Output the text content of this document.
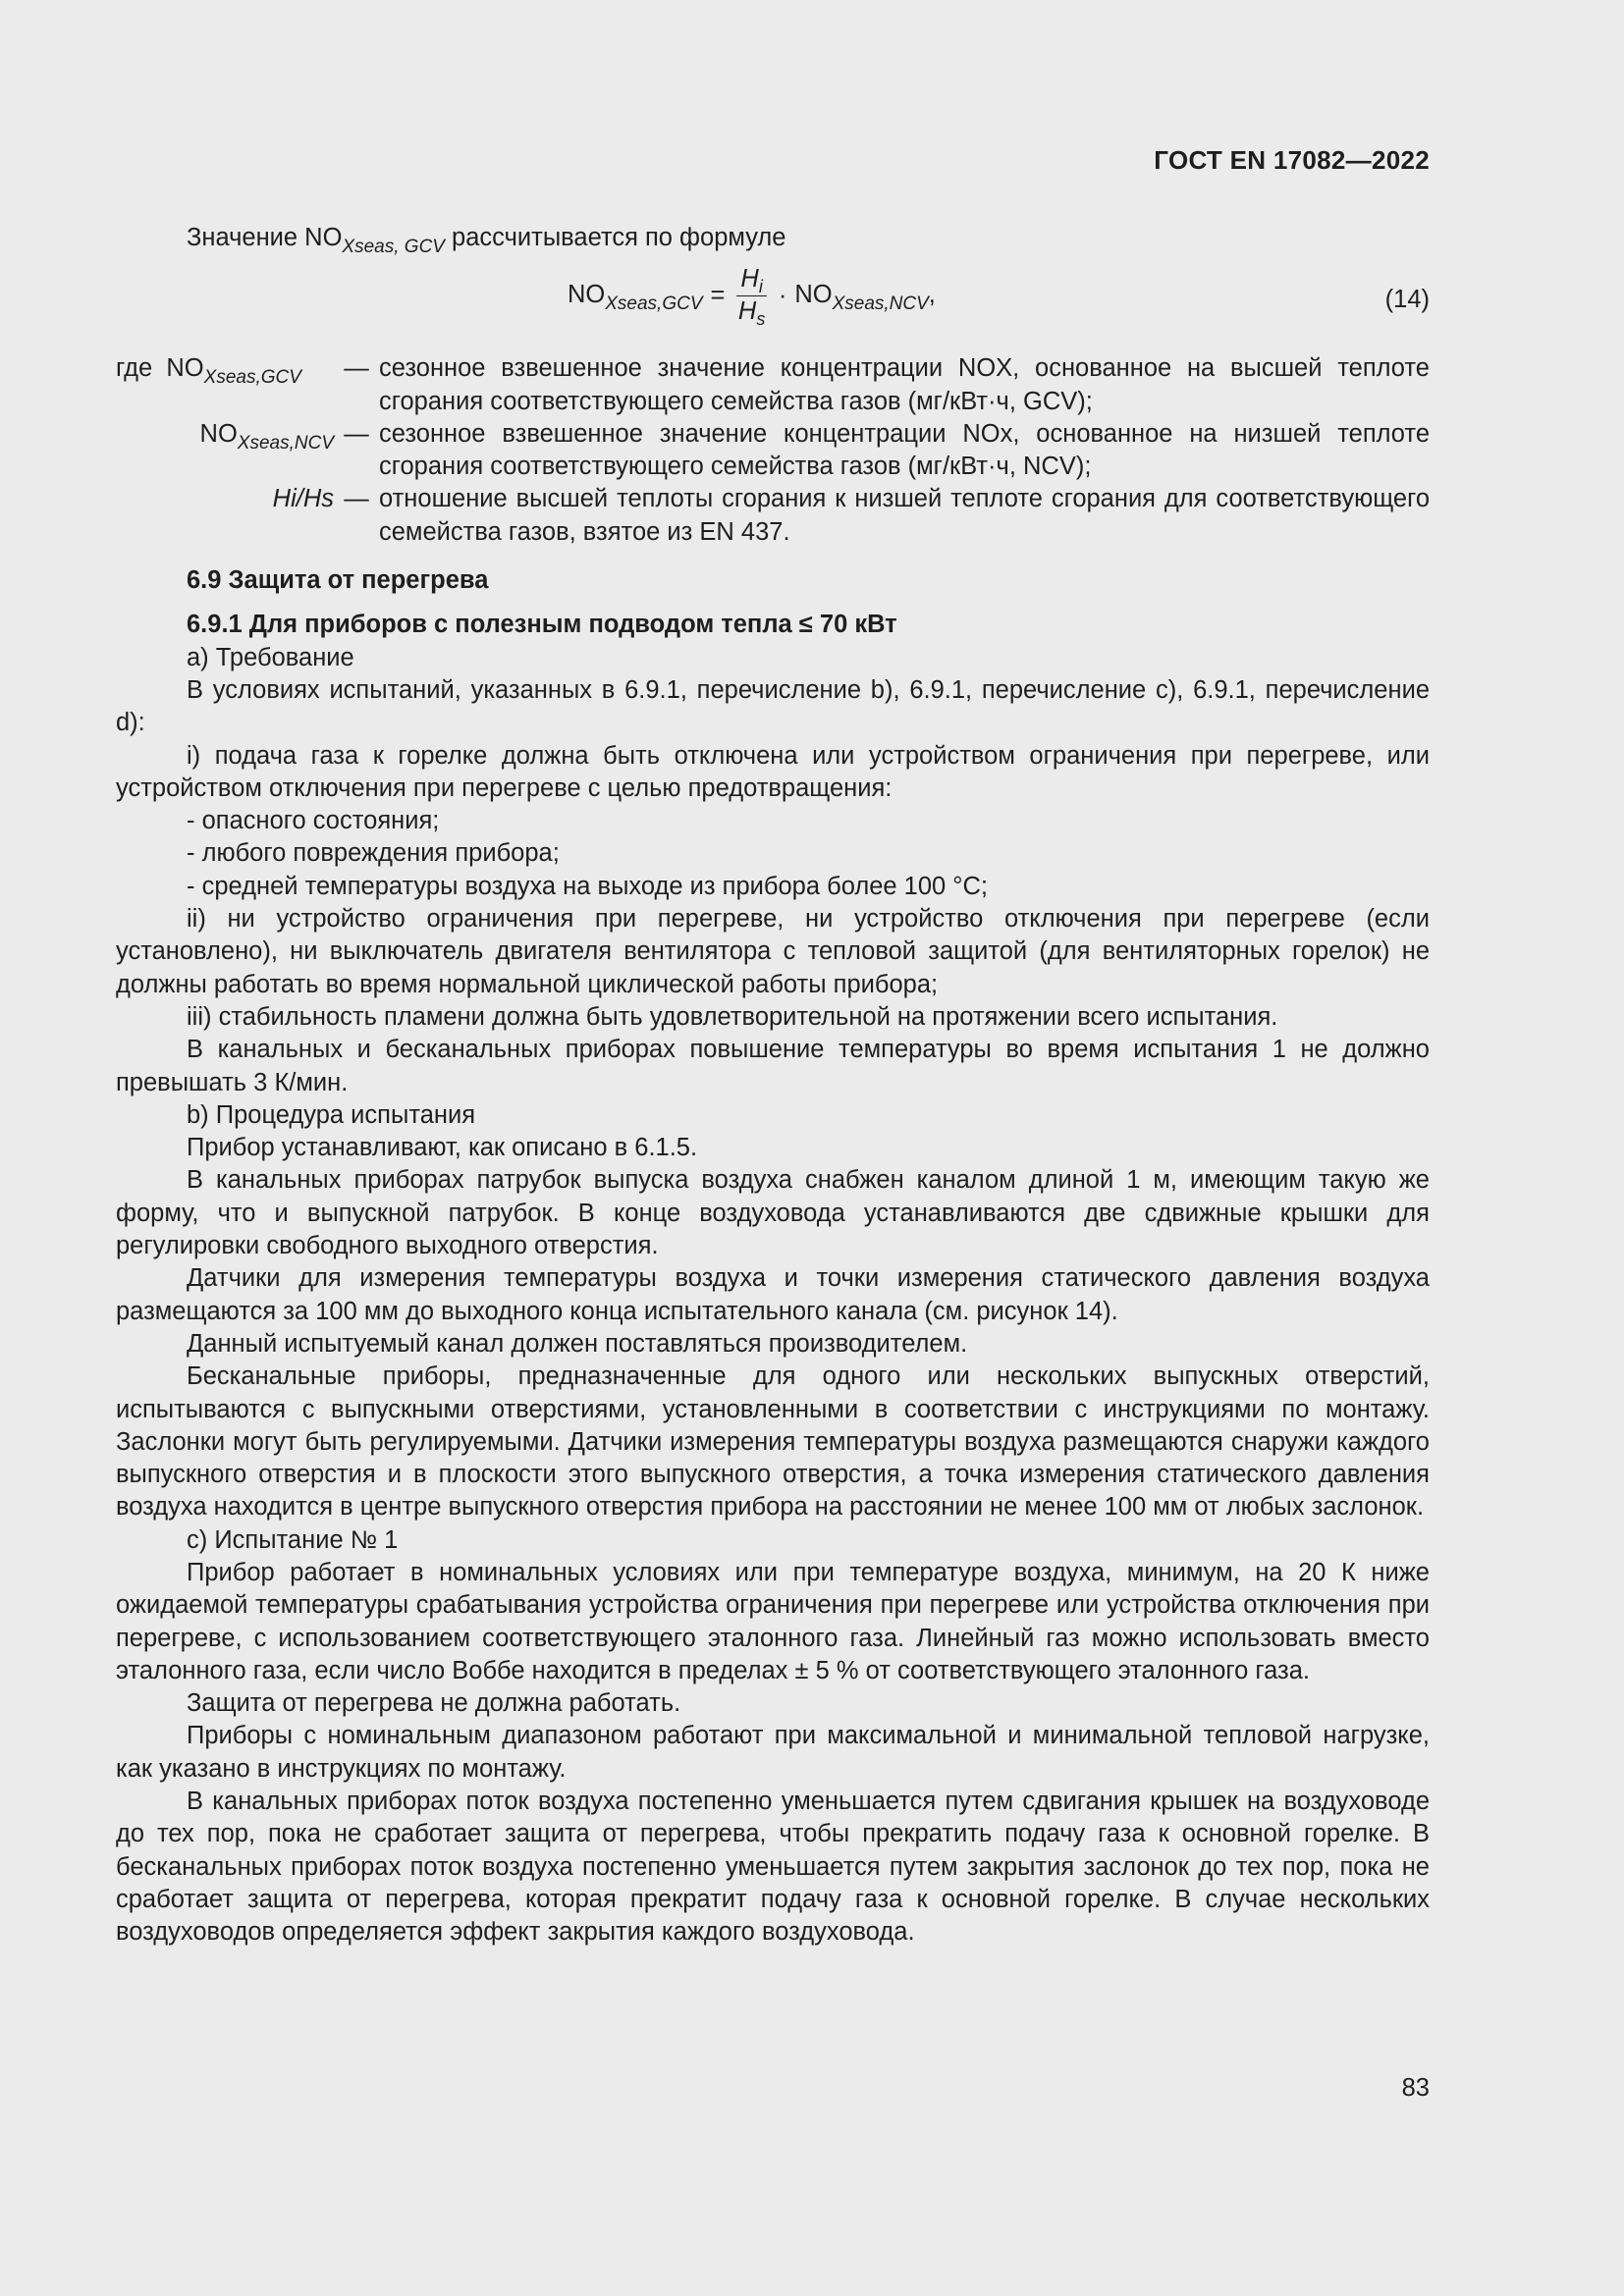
ГОСТ EN 17082—2022

Значение $NO_{Xseas, GCV}$ рассчитывается по формуле

$NO_{Xseas,GCV} = \frac{H_i}{H_s} \cdot NO_{Xseas,NCV}$,	(14)
где $NO_{Xseas,GCV}$	— сезонное взвешенное значение концентрации NOX, основанное на высшей теплоте сгорания соответствующего семейства газов (мг/кВт·ч, GCV);
$NO_{Xseas,NCV}$ — сезонное взвешенное значение концентрации NOx, основанное на низшей теплоте сгорания соответствующего семейства газов (мг/кВт·ч, NCV);
Hi/Hs — отношение высшей теплоты сгорания к низшей теплоте сгорания для соответствующего семейства газов, взятое из EN 437.

6.9 Защита от перегрева

6.9.1 Для приборов с полезным подводом тепла ≤ 70 кВт

a) Требование

В условиях испытаний, указанных в 6.9.1, перечисление b), 6.9.1, перечисление c), 6.9.1, перечисление d):

i) подача газа к горелке должна быть отключена или устройством ограничения при перегреве, или устройством отключения при перегреве с целью предотвращения:

- опасного состояния;

- любого повреждения прибора;

- средней температуры воздуха на выходе из прибора более 100 °С;

ii) ни устройство ограничения при перегреве, ни устройство отключения при перегреве (если установлено), ни выключатель двигателя вентилятора с тепловой защитой (для вентиляторных горелок) не должны работать во время нормальной циклической работы прибора;

iii) стабильность пламени должна быть удовлетворительной на протяжении всего испытания.

В канальных и бесканальных приборах повышение температуры во время испытания 1 не должно превышать 3 К/мин.

b) Процедура испытания

Прибор устанавливают, как описано в 6.1.5.

В канальных приборах патрубок выпуска воздуха снабжен каналом длиной 1 м, имеющим такую же форму, что и выпускной патрубок. В конце воздуховода устанавливаются две сдвижные крышки для регулировки свободного выходного отверстия.

Датчики для измерения температуры воздуха и точки измерения статического давления воздуха размещаются за 100 мм до выходного конца испытательного канала (см. рисунок 14).

Данный испытуемый канал должен поставляться производителем.

Бесканальные приборы, предназначенные для одного или нескольких выпускных отверстий, испытываются с выпускными отверстиями, установленными в соответствии с инструкциями по монтажу. Заслонки могут быть регулируемыми. Датчики измерения температуры воздуха размещаются снаружи каждого выпускного отверстия и в плоскости этого выпускного отверстия, а точка измерения статического давления воздуха находится в центре выпускного отверстия прибора на расстоянии не менее 100 мм от любых заслонок.

c) Испытание № 1

Прибор работает в номинальных условиях или при температуре воздуха, минимум, на 20 К ниже ожидаемой температуры срабатывания устройства ограничения при перегреве или устройства отключения при перегреве, с использованием соответствующего эталонного газа. Линейный газ можно использовать вместо эталонного газа, если число Воббе находится в пределах ± 5 % от соответствующего эталонного газа.

Защита от перегрева не должна работать.

Приборы с номинальным диапазоном работают при максимальной и минимальной тепловой нагрузке, как указано в инструкциях по монтажу.

В канальных приборах поток воздуха постепенно уменьшается путем сдвигания крышек на воздуховоде до тех пор, пока не сработает защита от перегрева, чтобы прекратить подачу газа к основной горелке. В бесканальных приборах поток воздуха постепенно уменьшается путем закрытия заслонок до тех пор, пока не сработает защита от перегрева, которая прекратит подачу газа к основной горелке. В случае нескольких воздуховодов определяется эффект закрытия каждого воздуховода.

83
